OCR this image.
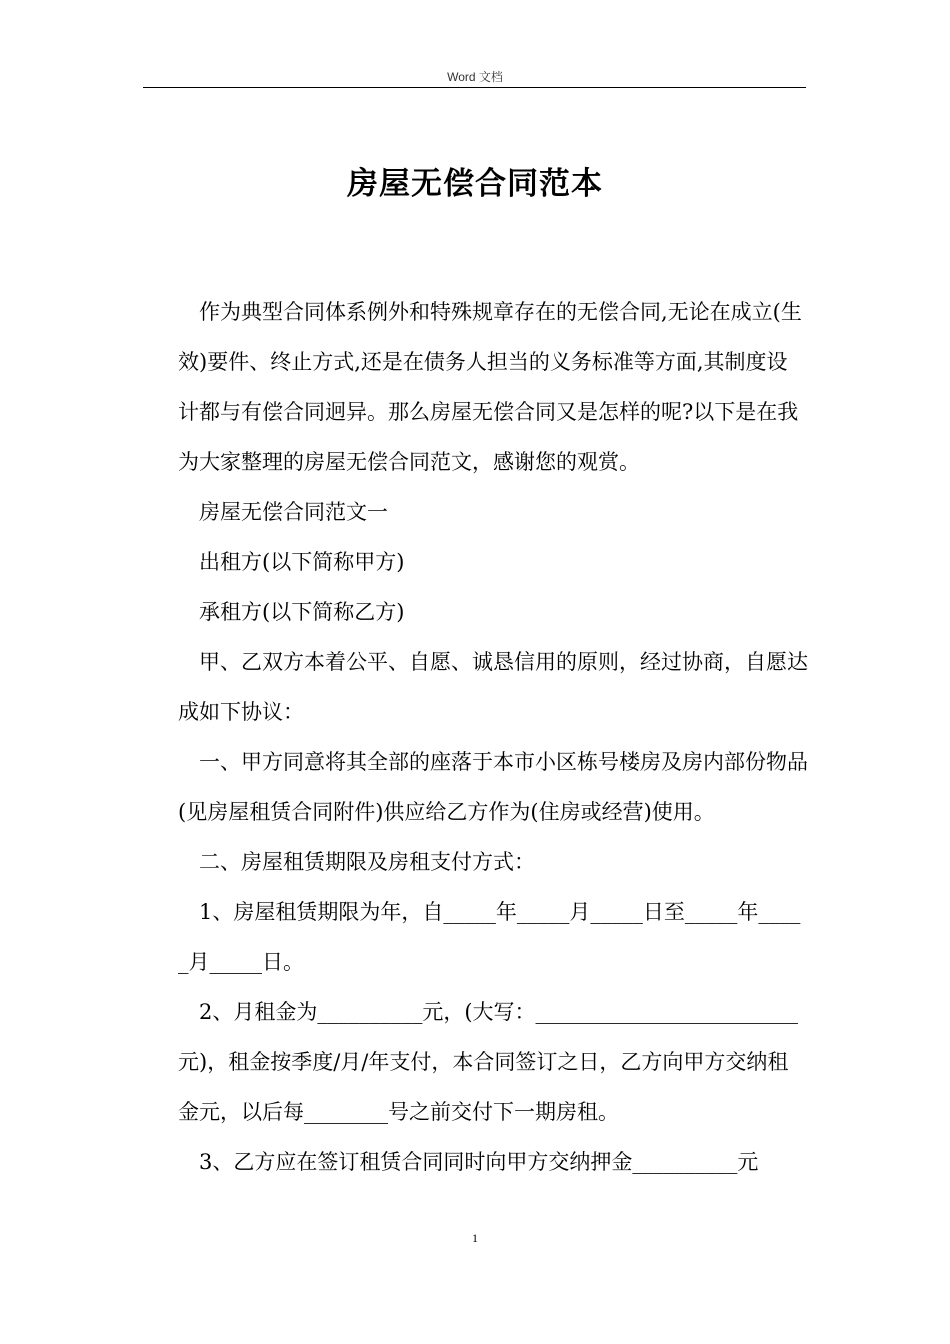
Word 文档
房屋无偿合同范本

作为典型合同体系例外和特殊规章存在的无偿合同,无论在成立(生效)要件、终止方式,还是在债务人担当的义务标准等方面,其制度设计都与有偿合同迥异。那么房屋无偿合同又是怎样的呢?以下是在我为大家整理的房屋无偿合同范文，感谢您的观赏。

房屋无偿合同范文一

出租方(以下简称甲方)

承租方(以下简称乙方)

甲、乙双方本着公平、自愿、诚恳信用的原则，经过协商，自愿达成如下协议：

一、甲方同意将其全部的座落于本市小区栋号楼房及房内部份物品(见房屋租赁合同附件)供应给乙方作为(住房或经营)使用。

二、房屋租赁期限及房租支付方式：

1、房屋租赁期限为年，自_____年_____月_____日至_____年_____月_____日。

2、月租金为__________元，(大写：_________________________元)，租金按季度/月/年支付，本合同签订之日，乙方向甲方交纳租金元，以后每________号之前交付下一期房租。

3、乙方应在签订租赁合同同时向甲方交纳押金__________元

1
